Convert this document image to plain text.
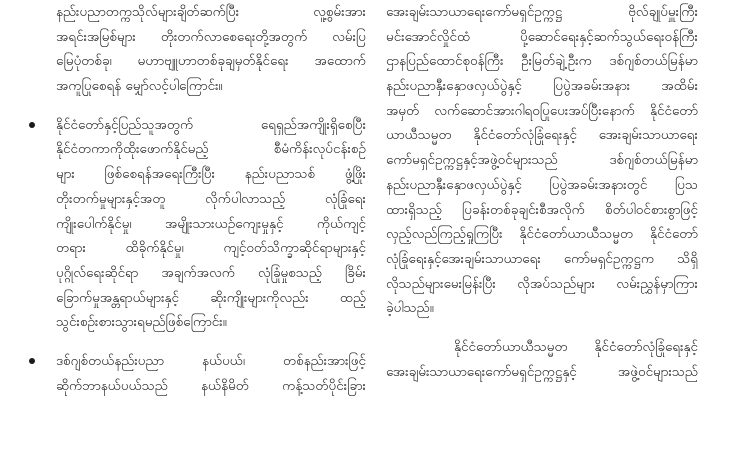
နည်းပညာတက္ကသိုလ်များချိတ်ဆက်ပြီး လူ့စွမ်းအား
အရင်းအမြစ်များ တိုးတက်လာစေရေးတို့အတွက် လမ်းပြ
မြေပုံတစ်ခု၊ မဟာဗျူဟာတစ်ခုချမှတ်နိုင်ရေး အထောက်
အကူပြုစေရန် မျှော်လင့်ပါကြောင်း။
နိုင်ငံတော်နှင့်ပြည်သူအတွက် ရေရှည်အကျိုးရှိစေပြီး
နိုင်ငံတကာကိုထိုးဖောက်နိုင်မည့် စီမံကိန်းလုပ်ငန်းစဉ်
များ ဖြစ်စေရန်အရေးကြီးပြီး နည်းပညာသစ် ဖွံ့ဖြိုး
တိုးတက်မှုများနှင့်အတူ လိုက်ပါလာသည့် လုံခြုံရေး
ကျိုးပေါက်နိုင်မှု၊ အမျိုးသားယဉ်ကျေးမှုနှင့် ကိုယ်ကျင့်
တရား ထိခိုက်နိုင်မှု၊ ကျင့်ဝတ်သိက္ခာဆိုင်ရာများနှင့်
ပုဂ္ဂိုလ်ရေးဆိုင်ရာ အချက်အလက် လုံခြုံမှုစသည့် ခြိမ်း
ခြောက်မှုအန္တရာယ်များနှင့် ဆိုးကျိုးများကိုလည်း ထည့်
သွင်းစဉ်းစားသွားရမည်ဖြစ်ကြောင်း။
ဒစ်ဂျစ်တယ်နည်းပညာ နယ်ပယ်၊ တစ်နည်းအားဖြင့်
ဆိုက်ဘာနယ်ပယ်သည် နယ်နိမိတ် ကန့်သတ်ပိုင်းခြား
အေးချမ်းသာယာရေးကော်မရှင်ဥက္ကဋ္ဌ ဗိုလ်ချုပ်မှူးကြီး
မင်းအောင်လှိုင်ထံ ပို့ဆောင်ရေးနှင့်ဆက်သွယ်ရေးဝန်ကြီး
ဌာနပြည်ထောင်စုဝန်ကြီး ဦးမြတ်ချဲ့ဦးက ဒစ်ဂျစ်တယ်မြန်မာ
နည်းပညာနှီးနှောဖလှယ်ပွဲနှင့် ပြပွဲအခမ်းအနား အထိမ်း
အမှတ် လက်ဆောင်အားဂါရဝပြုပေးအပ်ပြီးနောက် နိုင်ငံတော်
ယာယီသမ္မတ နိုင်ငံတော်လုံခြုံရေးနှင့် အေးချမ်းသာယာရေး
ကော်မရှင်ဥက္ကဋ္ဌနှင့်အဖွဲ့ဝင်များသည် ဒစ်ဂျစ်တယ်မြန်မာ
နည်းပညာနှီးနှောဖလှယ်ပွဲနှင့် ပြပွဲအခမ်းအနားတွင် ပြသ
ထားရှိသည့် ပြခန်းတစ်ခုချင်းစီအလိုက် စိတ်ပါဝင်စားစွာဖြင့်
လှည့်လည်ကြည့်ရှုကြပြီး နိုင်ငံတော်ယာယီသမ္မတ နိုင်ငံတော်
လုံခြုံရေးနှင့်အေးချမ်းသာယာရေး ကော်မရှင်ဥက္ကဋ္ဌက သိရှိ
လိုသည်များမေးမြန်းပြီး လိုအပ်သည်များ လမ်းညွှန်မှာကြား
ခဲ့ပါသည်။
နိုင်ငံတော်ယာယီသမ္မတ နိုင်ငံတော်လုံခြုံရေးနှင့်
အေးချမ်းသာယာရေးကော်မရှင်ဥက္ကဋ္ဌနှင့် အဖွဲ့ဝင်များသည်
